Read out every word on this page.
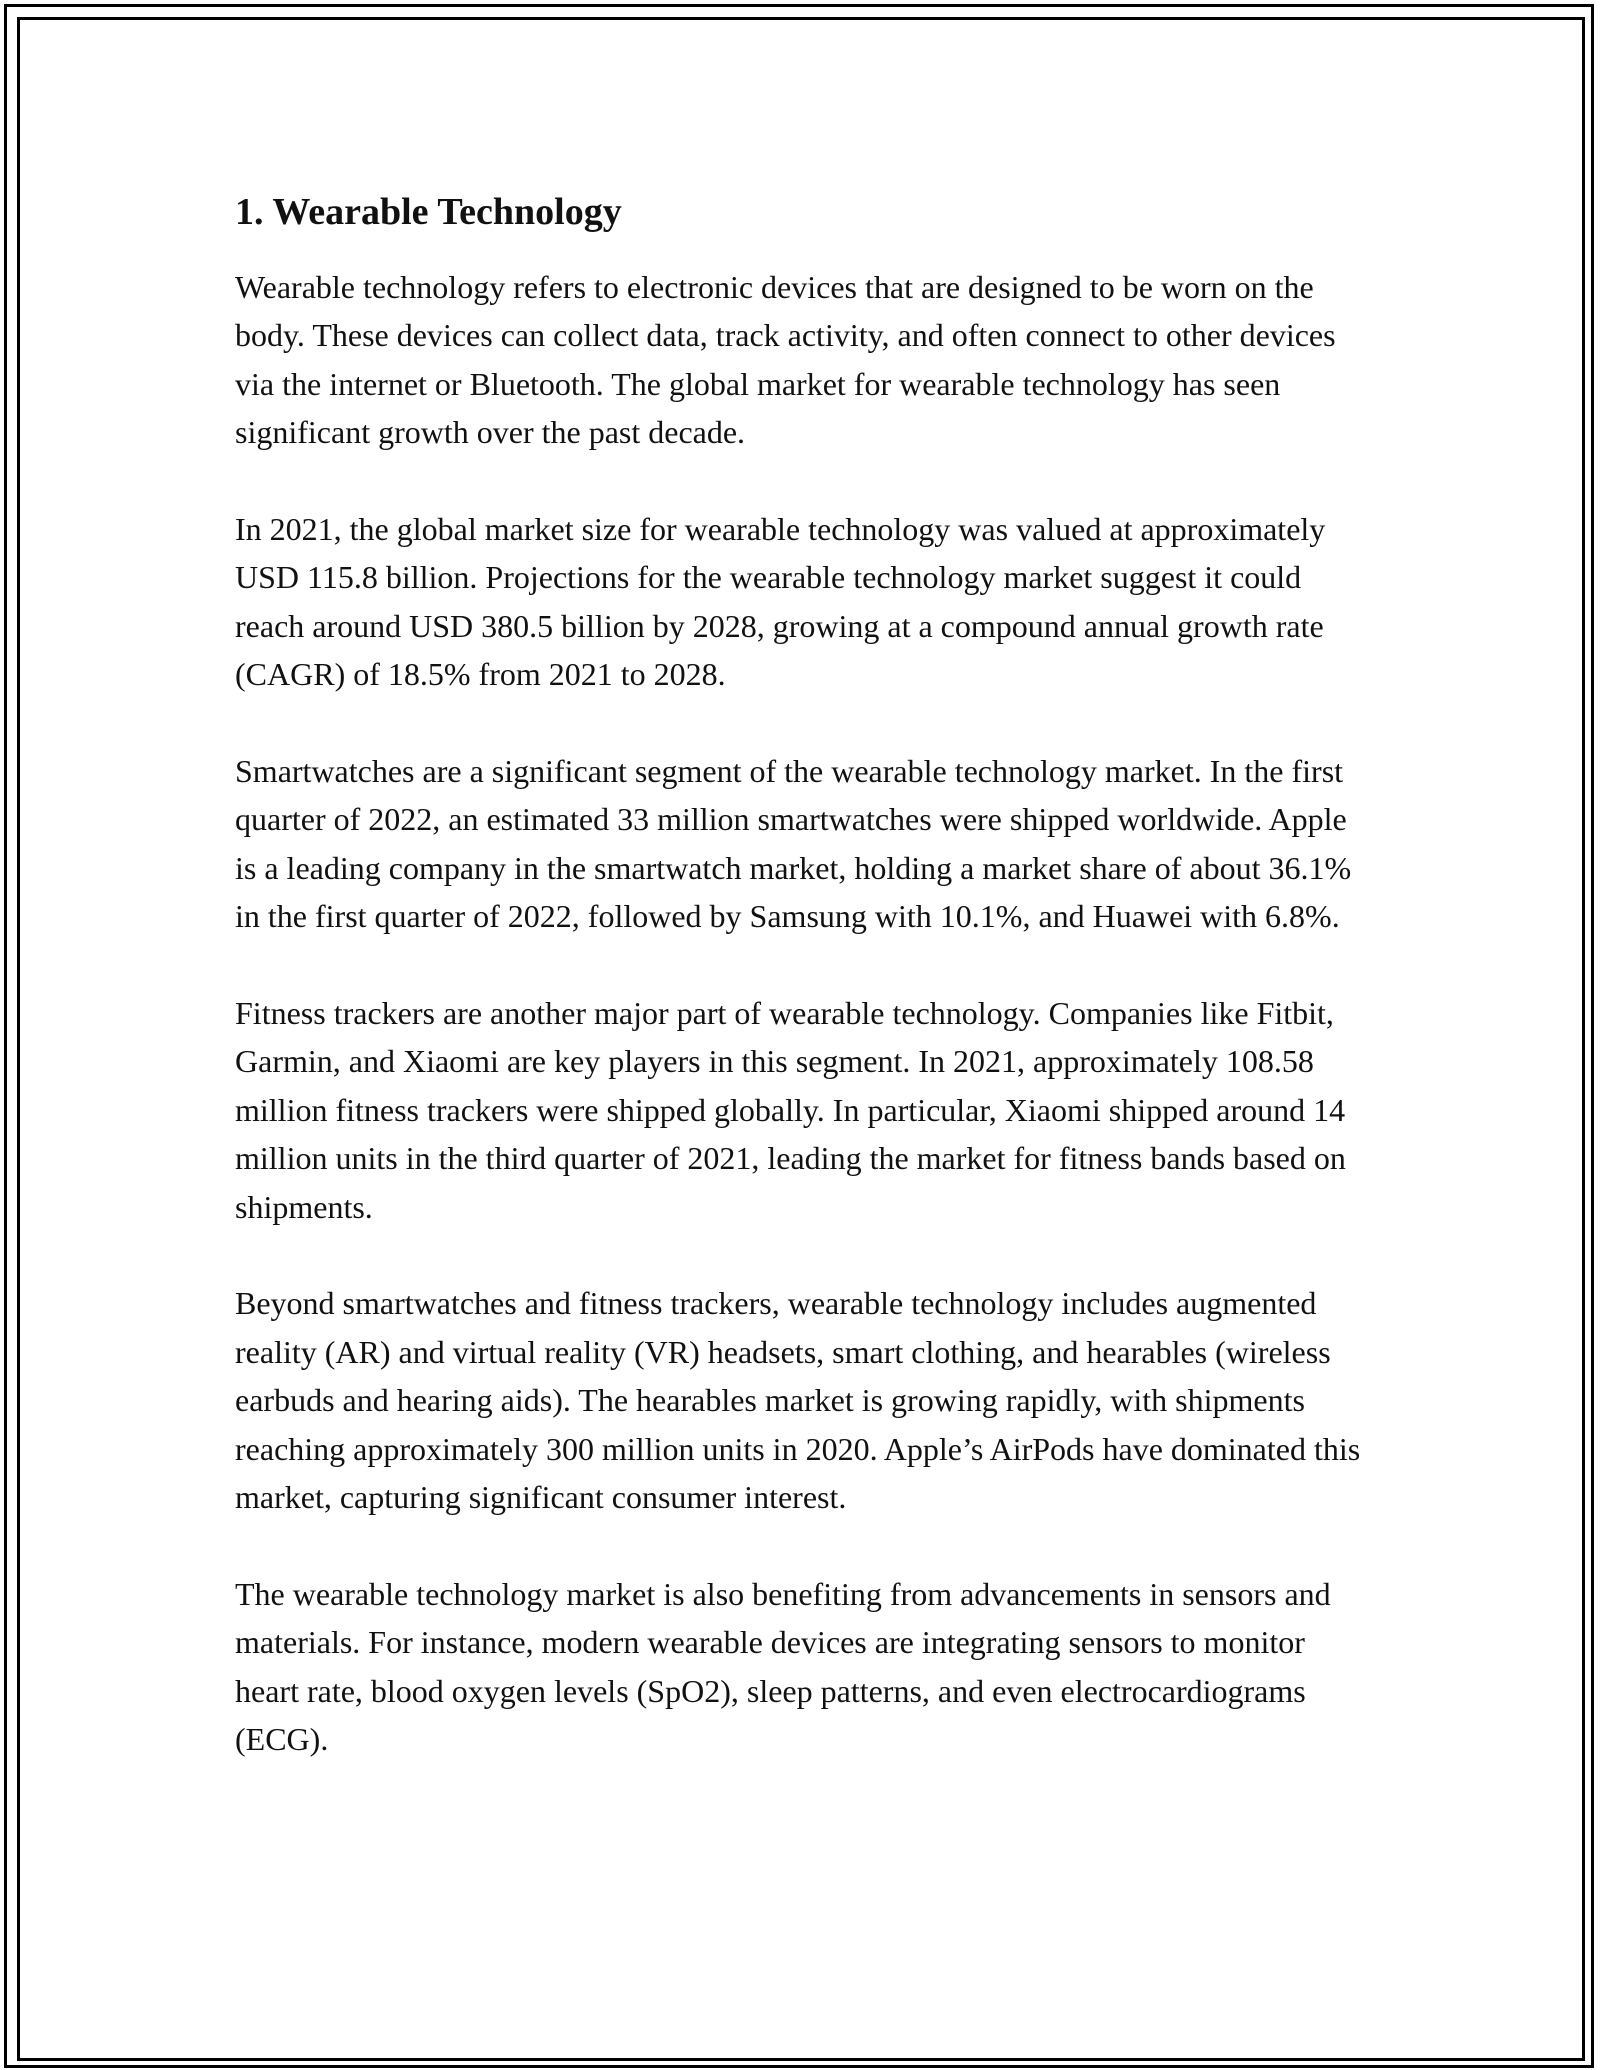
1. Wearable Technology

Wearable technology refers to electronic devices that are designed to be worn on the body. These devices can collect data, track activity, and often connect to other devices via the internet or Bluetooth. The global market for wearable technology has seen significant growth over the past decade.

In 2021, the global market size for wearable technology was valued at approximately USD 115.8 billion. Projections for the wearable technology market suggest it could reach around USD 380.5 billion by 2028, growing at a compound annual growth rate (CAGR) of 18.5% from 2021 to 2028.

Smartwatches are a significant segment of the wearable technology market. In the first quarter of 2022, an estimated 33 million smartwatches were shipped worldwide. Apple is a leading company in the smartwatch market, holding a market share of about 36.1% in the first quarter of 2022, followed by Samsung with 10.1%, and Huawei with 6.8%.

Fitness trackers are another major part of wearable technology. Companies like Fitbit, Garmin, and Xiaomi are key players in this segment. In 2021, approximately 108.58 million fitness trackers were shipped globally. In particular, Xiaomi shipped around 14 million units in the third quarter of 2021, leading the market for fitness bands based on shipments.

Beyond smartwatches and fitness trackers, wearable technology includes augmented reality (AR) and virtual reality (VR) headsets, smart clothing, and hearables (wireless earbuds and hearing aids). The hearables market is growing rapidly, with shipments reaching approximately 300 million units in 2020. Apple’s AirPods have dominated this market, capturing significant consumer interest.

The wearable technology market is also benefiting from advancements in sensors and materials. For instance, modern wearable devices are integrating sensors to monitor heart rate, blood oxygen levels (SpO2), sleep patterns, and even electrocardiograms (ECG).
